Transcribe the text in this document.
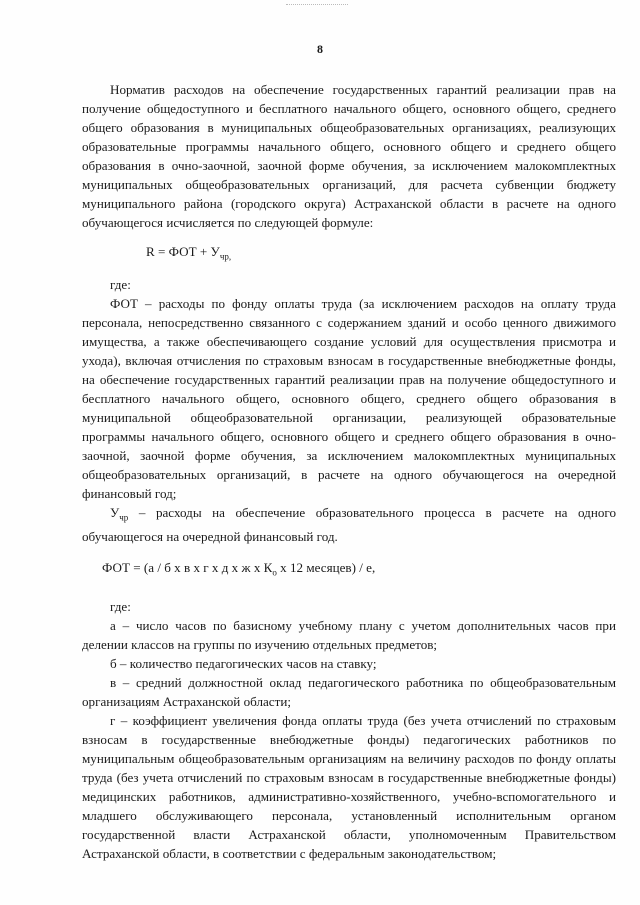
8

Норматив расходов на обеспечение государственных гарантий реализации прав на получение общедоступного и бесплатного начального общего, основного общего, среднего общего образования в муниципальных общеобразовательных организациях, реализующих образовательные программы начального общего, основного общего и среднего общего образования в очно-заочной, заочной форме обучения, за исключением малокомплектных муниципальных общеобразовательных организаций, для расчета субвенции бюджету муниципального района (городского округа) Астраханской области в расчете на одного обучающегося исчисляется по следующей формуле:

R = ФОТ + $У_{чр,}$

где:

ФОТ – расходы по фонду оплаты труда (за исключением расходов на оплату труда персонала, непосредственно связанного с содержанием зданий и особо ценного движимого имущества, а также обеспечивающего создание условий для осуществления присмотра и ухода), включая отчисления по страховым взносам в государственные внебюджетные фонды, на обеспечение государственных гарантий реализации прав на получение общедоступного и бесплатного начального общего, основного общего, среднего общего образования в муниципальной общеобразовательной организации, реализующей образовательные программы начального общего, основного общего и среднего общего образования в очно-заочной, заочной форме обучения, за исключением малокомплектных муниципальных общеобразовательных организаций, в расчете на одного обучающегося на очередной финансовый год;

$У_{чр}$ – расходы на обеспечение образовательного процесса в расчете на одного обучающегося на очередной финансовый год.

ФОТ = (а / б х в х г х д х ж х $К_о$ х 12 месяцев) / е,

где:

а – число часов по базисному учебному плану с учетом дополнительных часов при делении классов на группы по изучению отдельных предметов;

б – количество педагогических часов на ставку;

в – средний должностной оклад педагогического работника по общеобразовательным организациям Астраханской области;

г – коэффициент увеличения фонда оплаты труда (без учета отчислений по страховым взносам в государственные внебюджетные фонды) педагогических работников по муниципальным общеобразовательным организациям на величину расходов по фонду оплаты труда (без учета отчислений по страховым взносам в государственные внебюджетные фонды) медицинских работников, административно-хозяйственного, учебно-вспомогательного и младшего обслуживающего персонала, установленный исполнительным органом государственной власти Астраханской области, уполномоченным Правительством Астраханской области, в соответствии с федеральным законодательством;
